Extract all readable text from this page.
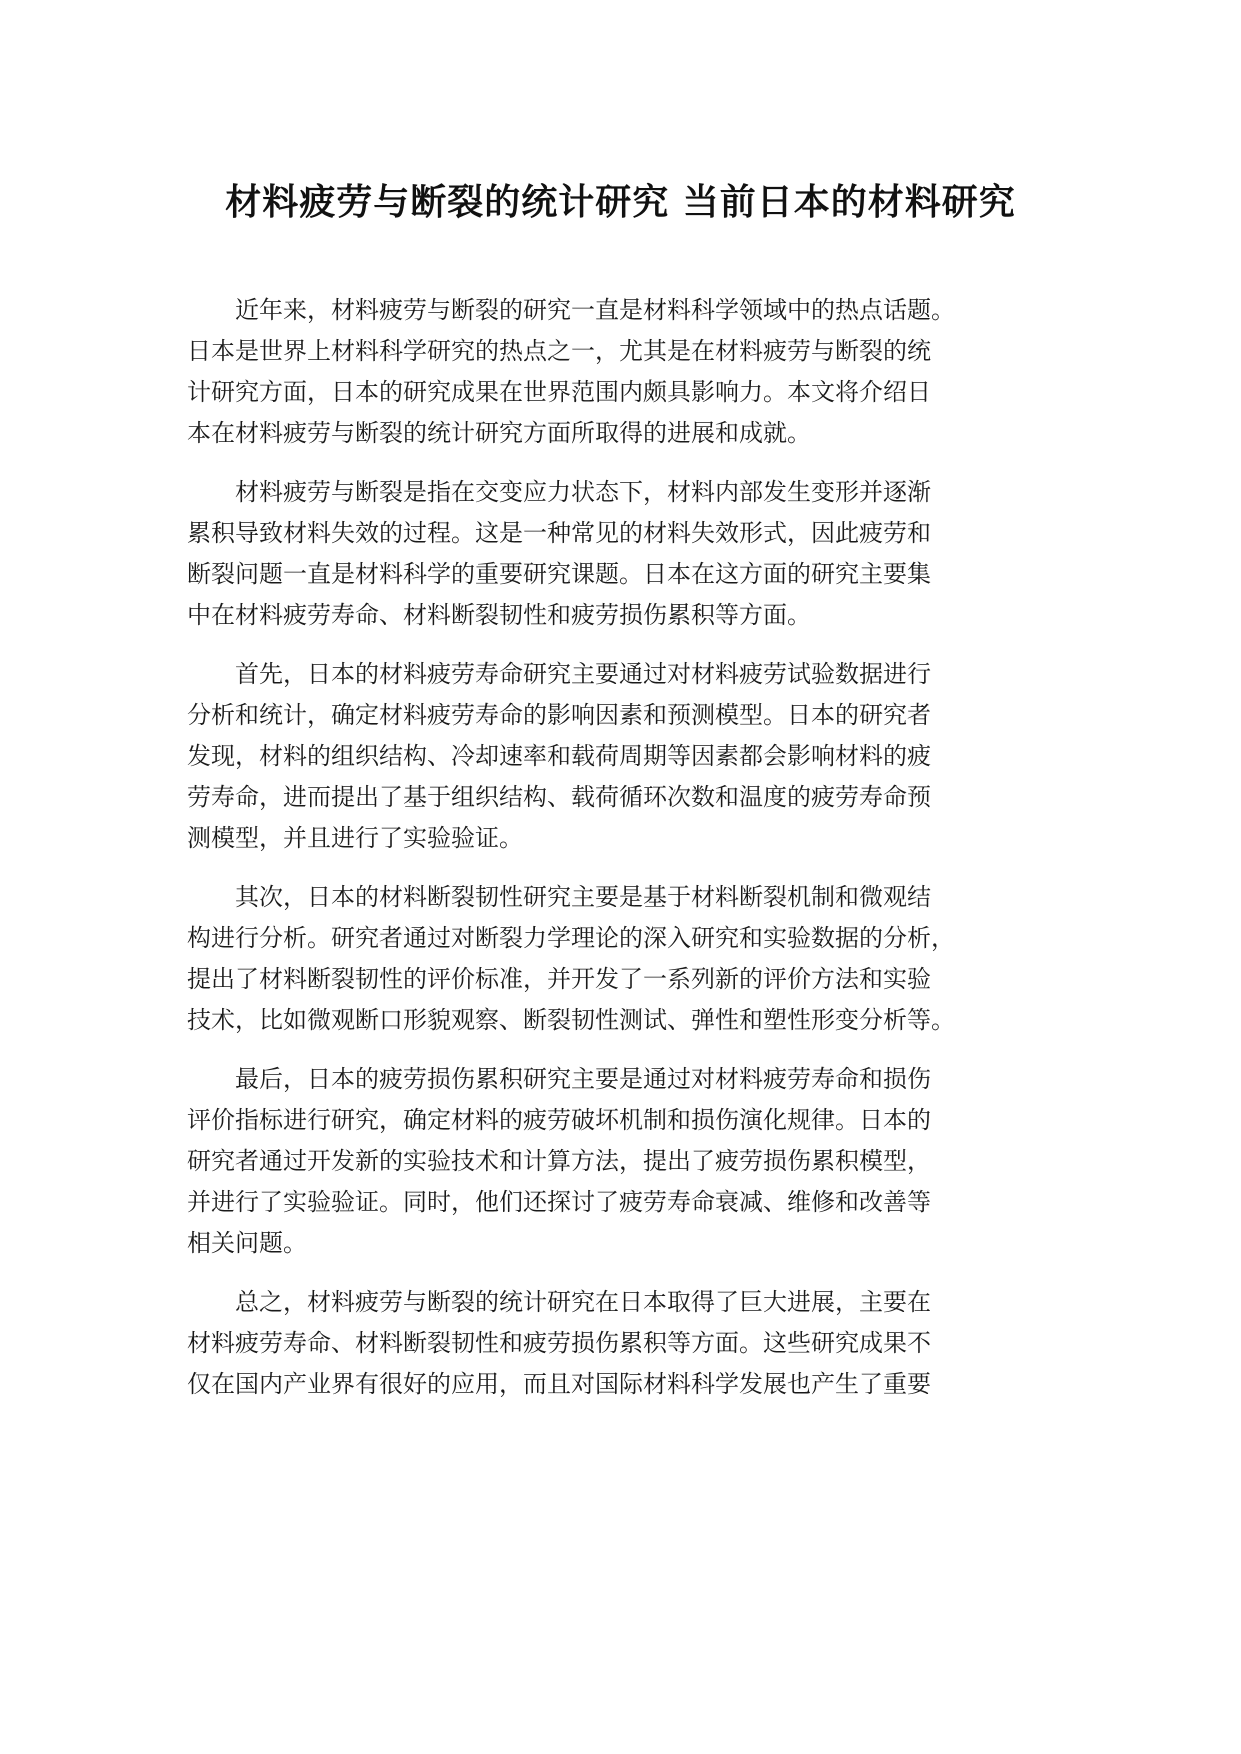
材料疲劳与断裂的统计研究 当前日本的材料研究

近年来，材料疲劳与断裂的研究一直是材料科学领域中的热点话题。
日本是世界上材料科学研究的热点之一，尤其是在材料疲劳与断裂的统
计研究方面，日本的研究成果在世界范围内颇具影响力。本文将介绍日
本在材料疲劳与断裂的统计研究方面所取得的进展和成就。

材料疲劳与断裂是指在交变应力状态下，材料内部发生变形并逐渐
累积导致材料失效的过程。这是一种常见的材料失效形式，因此疲劳和
断裂问题一直是材料科学的重要研究课题。日本在这方面的研究主要集
中在材料疲劳寿命、材料断裂韧性和疲劳损伤累积等方面。

首先，日本的材料疲劳寿命研究主要通过对材料疲劳试验数据进行
分析和统计，确定材料疲劳寿命的影响因素和预测模型。日本的研究者
发现，材料的组织结构、冷却速率和载荷周期等因素都会影响材料的疲
劳寿命，进而提出了基于组织结构、载荷循环次数和温度的疲劳寿命预
测模型，并且进行了实验验证。

其次，日本的材料断裂韧性研究主要是基于材料断裂机制和微观结
构进行分析。研究者通过对断裂力学理论的深入研究和实验数据的分析，
提出了材料断裂韧性的评价标准，并开发了一系列新的评价方法和实验
技术，比如微观断口形貌观察、断裂韧性测试、弹性和塑性形变分析等。

最后，日本的疲劳损伤累积研究主要是通过对材料疲劳寿命和损伤
评价指标进行研究，确定材料的疲劳破坏机制和损伤演化规律。日本的
研究者通过开发新的实验技术和计算方法，提出了疲劳损伤累积模型，
并进行了实验验证。同时，他们还探讨了疲劳寿命衰减、维修和改善等
相关问题。

总之，材料疲劳与断裂的统计研究在日本取得了巨大进展，主要在
材料疲劳寿命、材料断裂韧性和疲劳损伤累积等方面。这些研究成果不
仅在国内产业界有很好的应用，而且对国际材料科学发展也产生了重要
